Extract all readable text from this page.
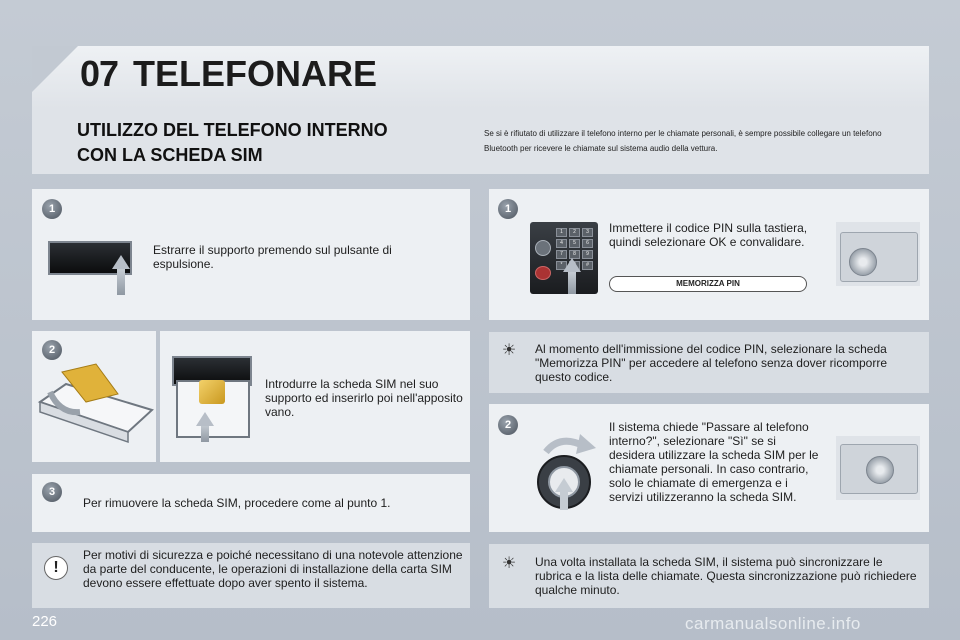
07 TELEFONARE
UTILIZZO DEL TELEFONO INTERNO
CON LA SCHEDA SIM
Se si è rifiutato di utilizzare il telefono interno per le chiamate personali, è sempre possibile collegare un telefono Bluetooth per ricevere le chiamate sul sistema audio della vettura.
1
Estrarre il supporto premendo sul pulsante di espulsione.
2
Introdurre la scheda SIM nel suo supporto ed inserirlo poi nell'apposito vano.
3
Per rimuovere la scheda SIM, procedere come al punto 1.
!
Per motivi di sicurezza e poiché necessitano di una notevole attenzione da parte del conducente, le operazioni di installazione della carta SIM devono essere effettuate dopo aver spento il sistema.
1
1	2	3
4	5	6
7	8	9
*	0	#
Immettere il codice PIN sulla tastiera, quindi selezionare OK e convalidare.
MEMORIZZA PIN
☀ Al momento dell'immissione del codice PIN, selezionare la scheda "Memorizza PIN" per accedere al telefono senza dover ricomporre questo codice.
2	Il sistema chiede "Passare al telefono interno?", selezionare "Sì" se si desidera utilizzare la scheda SIM per le chiamate personali. In caso contrario, solo le chiamate di emergenza e i servizi utilizzeranno la scheda SIM.
☀ Una volta installata la scheda SIM, il sistema può sincronizzare le rubrica e la lista delle chiamate. Questa sincronizzazione può richiedere qualche minuto.
226	carmanualsonline.info
